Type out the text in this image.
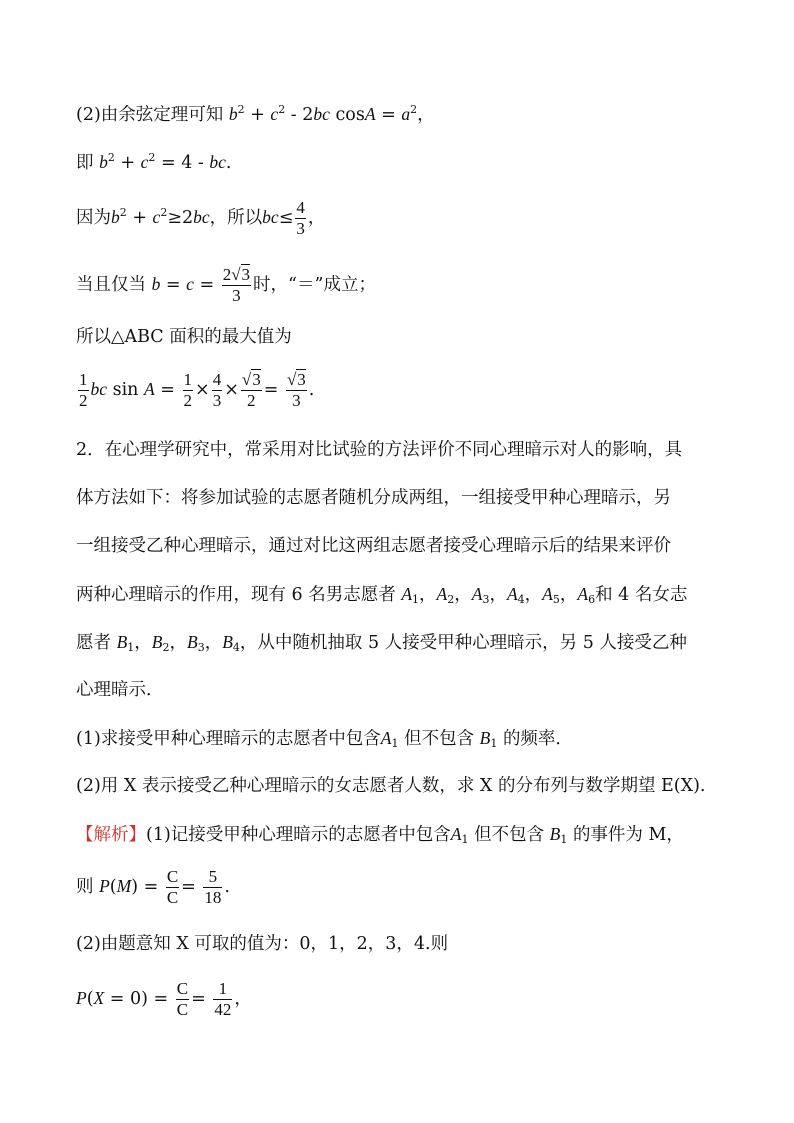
(2)由余弦定理可知 $b^2 + c^2 - 2bc$ $\cos A = a^2$，
即 $b^2 + c^2 = 4$ - bc.
因为$b^2 + c^2\ge 2bc$，所以$bc\le \frac{4}{3}$ ，
当且仅当 $b = c = \frac{2√3}{3}$ 时，“＝”成立；
所以△ABC 面积的最大值为
$\frac{1}{2}$ bc $\sin A = \frac{1}{2} \times \frac{4}{3} \times \frac{√3}{2} = \frac{√3}{3}$ .
2．在心理学研究中，常采用对比试验的方法评价不同心理暗示对人的影响，具
体方法如下：将参加试验的志愿者随机分成两组，一组接受甲种心理暗示，另
一组接受乙种心理暗示，通过对比这两组志愿者接受心理暗示后的结果来评价
两种心理暗示的作用，现有 6 名男志愿者 $A_1$，$A_2$，$A_3$，$A_4$，$A_5$，$A_6$和 4 名女志
愿者 $B_1$，$B_2$，$B_3$，$B_4$，从中随机抽取 5 人接受甲种心理暗示，另 5 人接受乙种
心理暗示．
(1)求接受甲种心理暗示的志愿者中包含$A_1$ 但不包含 $B_1$ 的频率．
(2)用 X 表示接受乙种心理暗示的女志愿者人数，求 X 的分布列与数学期望 E(X).
【解析】(1)记接受甲种心理暗示的志愿者中包含$A_1$ 但不包含 $B_1$ 的事件为 M，
则 $P(M) = \frac{C}{C} = \frac{5}{18}$ .
(2)由题意知 X 可取的值为：0，1，2，3，4.则
$P(X = 0) = \frac{C}{C} = \frac{1}{42}$ ，
